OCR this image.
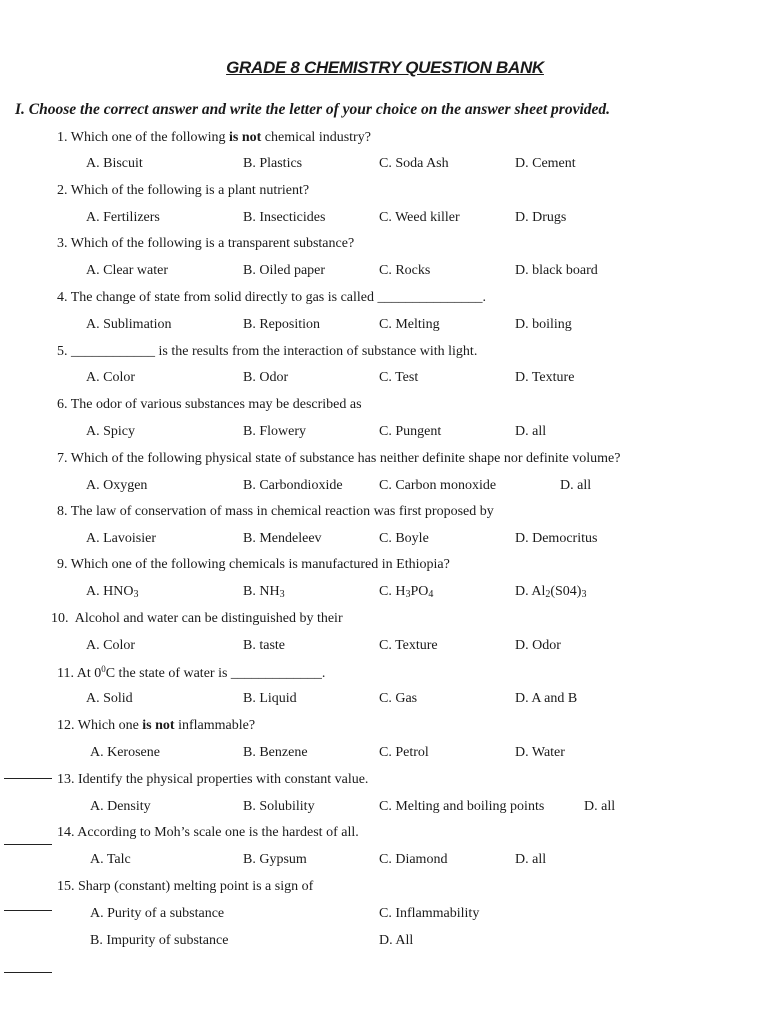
GRADE 8 CHEMISTRY QUESTION BANK
I. Choose the correct answer and write the letter of your choice on the answer sheet provided.
1. Which one of the following is not chemical industry?
A. Biscuit	B. Plastics	C. Soda Ash	D. Cement
2. Which of the following is a plant nutrient?
A. Fertilizers	B. Insecticides	C. Weed killer	D. Drugs
3. Which of the following is a transparent substance?
A. Clear water	B. Oiled paper	C. Rocks	D. black board
4. The change of state from solid directly to gas is called _______________.
A. Sublimation	B. Reposition	C. Melting	D. boiling
5. ____________ is the results from the interaction of substance with light.
A. Color	B. Odor	C. Test	D. Texture
6. The odor of various substances may be described as
A. Spicy	B. Flowery	C. Pungent	D. all
7. Which of the following physical state of substance has neither definite shape nor definite volume?
A. Oxygen	B. Carbondioxide	C. Carbon monoxide	D. all
8. The law of conservation of mass in chemical reaction was first proposed by
A. Lavoisier	B. Mendeleev	C. Boyle	D. Democritus
9. Which one of the following chemicals is manufactured in Ethiopia?
A. $HNO_3$	B. $NH_3$	C. $H_3PO_4$	D. $Al_2(S04)_3$
10. Alcohol and water can be distinguished by their
A. Color	B. taste	C. Texture	D. Odor
11. At $0^0C$ the state of water is _____________.
A. Solid	B. Liquid	C. Gas	D. A and B
12. Which one is not inflammable?
A. Kerosene	B. Benzene	C. Petrol	D. Water
13. Identify the physical properties with constant value.
A. Density	B. Solubility	C. Melting and boiling points	D. all
14. According to Moh’s scale one is the hardest of all.
A. Talc	B. Gypsum	C. Diamond	D. all
15. Sharp (constant) melting point is a sign of
A. Purity of a substance	C. Inflammability
B. Impurity of substance	D. All
